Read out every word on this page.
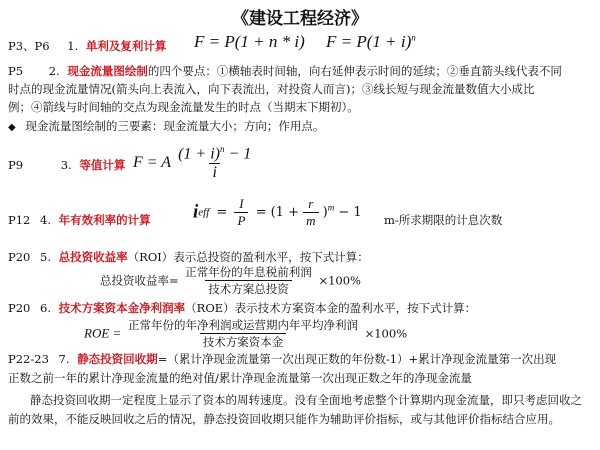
《建设工程经济》
P3、P6 1. 单利及复利计算 F = P(1 + n * i) $F = P(1 + i)^n$
P5 2. 现金流量图绘制的四个要点：①横轴表时间轴，向右延伸表示时间的延续；②垂直箭头线代表不同
时点的现金流量情况(箭头向上表流入，向下表流出，对投资人而言)；③线长短与现金流量数值大小成比
例；④箭线与时间轴的交点为现金流量发生的时点（当期末下期初）。
◆ 现金流量图绘制的三要素：现金流量大小；方向；作用点。
P9	3. 等值计算 F = A $\frac{(1 + i)^n - 1}{i}$
P12 4. 年有效利率的计算 ieff = $\frac{I}{P} = (1 + \frac{r}{m} )^m - 1$ m-所求期限的计息次数
P20 5. 总投资收益率（ROI）表示总投资的盈利水平，按下式计算：
总投资收益率= $\frac{\text{正常年份的年息税前利润}}{\text{技术方案总投资}} \times 100\%$
P20 6. 技术方案资本金净利润率（ROE）表示技术方案资本金的盈利水平，按下式计算：
ROE = $\frac{\text{正常年份的年净利润或运营期内年平均净利润}}{\text{技术方案资本金}} \times 100\%$
P22-23 7. 静态投资回收期=（累计净现金流量第一次出现正数的年份数-1）+累计净现金流量第一次出现
正数之前一年的累计净现金流量的绝对值/累计净现金流量第一次出现正数之年的净现金流量
静态投资回收期一定程度上显示了资本的周转速度。没有全面地考虑整个计算期内现金流量，即只考虑回收之前的效果，不能反映回收之后的情况，静态投资回收期只能作为辅助评价指标，或与其他评价指标结合应用。
